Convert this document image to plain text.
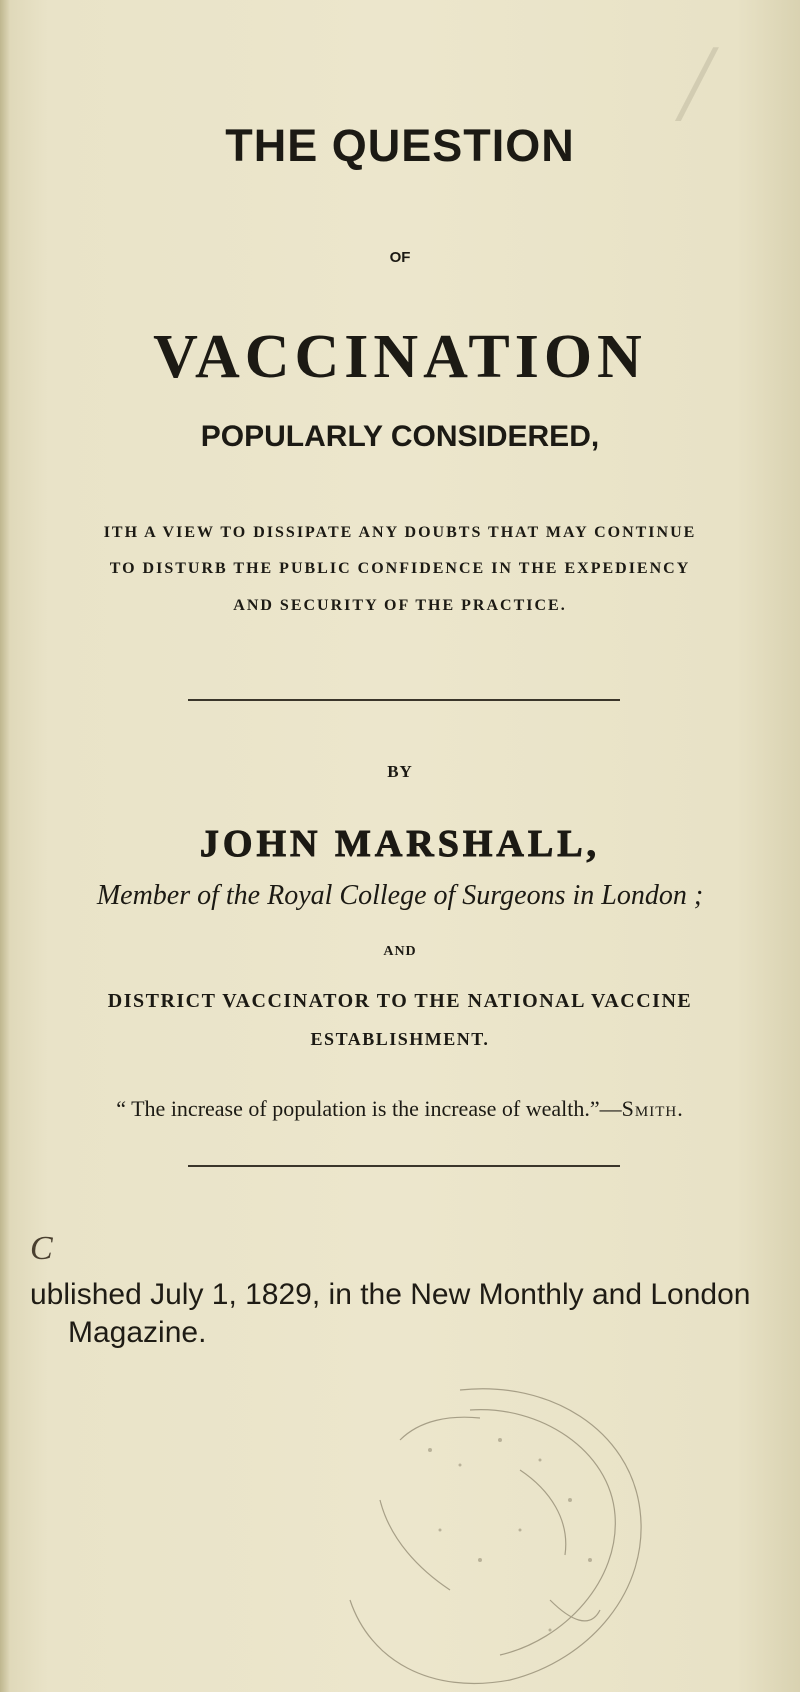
/
THE QUESTION
OF
VACCINATION
POPULARLY CONSIDERED,
ITH A VIEW TO DISSIPATE ANY DOUBTS THAT MAY CONTINUE
TO DISTURB THE PUBLIC CONFIDENCE IN THE EXPEDIENCY
AND SECURITY OF THE PRACTICE.
BY
JOHN MARSHALL,
Member of the Royal College of Surgeons in London ;
AND
DISTRICT VACCINATOR TO THE NATIONAL VACCINE
ESTABLISHMENT.
“ The increase of population is the increase of wealth.”—Smith.
C
ublished July 1, 1829, in the New Monthly and London
Magazine.
